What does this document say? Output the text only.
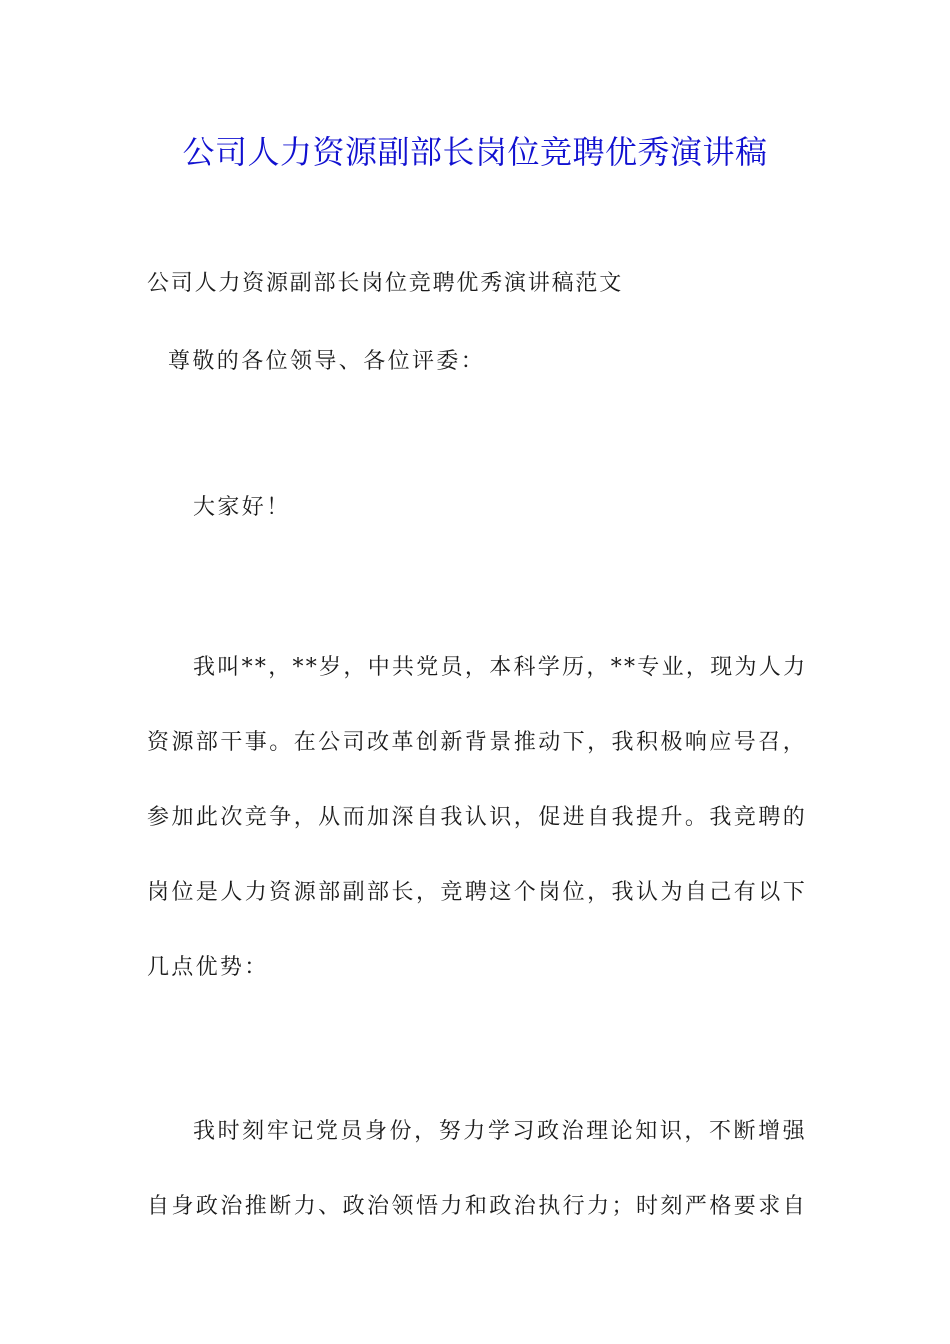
公司人力资源副部长岗位竞聘优秀演讲稿

公司人力资源副部长岗位竞聘优秀演讲稿范文

尊敬的各位领导、各位评委：

大家好！

我叫**，**岁，中共党员，本科学历，**专业，现为人力
资源部干事。在公司改革创新背景推动下，我积极响应号召，
参加此次竞争，从而加深自我认识，促进自我提升。我竞聘的
岗位是人力资源部副部长，竞聘这个岗位，我认为自己有以下
几点优势：
我时刻牢记党员身份，努力学习政治理论知识，不断增强
自身政治推断力、政治领悟力和政治执行力；时刻严格要求自
